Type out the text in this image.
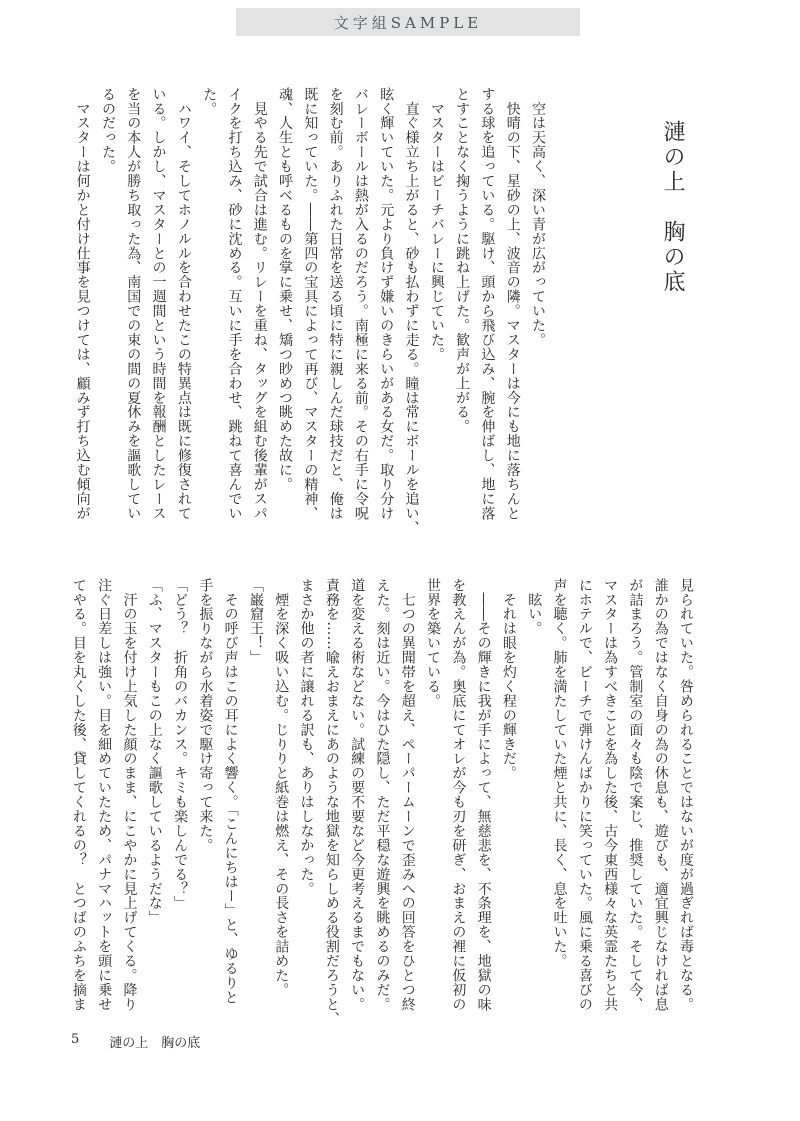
文字組SAMPLE
漣の上　胸の底

　空は天高く、深い青が広がっていた。

　快晴の下、星砂の上、波音の隣。マスターは今にも地に落ちんと

する球を追っている。駆け、頭から飛び込み、腕を伸ばし、地に落

とすことなく掬うように跳ね上げた。歓声が上がる。

　マスターはビーチバレーに興じていた。

　直ぐ様立ち上がると、砂も払わずに走る。瞳は常にボールを追い、

眩く輝いていた。元より負けず嫌いのきらいがある女だ。取り分け

バレーボールは熱が入るのだろう。南極に来る前。その右手に令呪

を刻む前。ありふれた日常を送る頃に特に親しんだ球技だと、俺は

既に知っていた。――第四の宝具によって再び、マスターの精神、

魂、人生とも呼べるものを掌に乗せ、矯つ眇めつ眺めた故に。

　見やる先で試合は進む。リレーを重ね、タッグを組む後輩がスパ

イクを打ち込み、砂に沈める。互いに手を合わせ、跳ねて喜んでい

た。

　ハワイ、そしてホノルルを合わせたこの特異点は既に修復されて

いる。しかし、マスターとの一週間という時間を報酬としたレース

を当の本人が勝ち取った為、南国での束の間の夏休みを謳歌してい

るのだった。

　マスターは何かと付け仕事を見つけては、顧みず打ち込む傾向が

見られていた。咎められることではないが度が過ぎれば毒となる。

誰かの為ではなく自身の為の休息も、遊びも、適宜興じなければ息

が詰まろう。管制室の面々も陰で案じ、推奨していた。そして今、

マスターは為すべきことを為した後、古今東西様々な英霊たちと共

にホテルで、ビーチで弾けんばかりに笑っていた。風に乗る喜びの

声を聴く。肺を満たしていた煙と共に、長く、息を吐いた。

　眩い。

　それは眼を灼く程の輝きだ。

　――その輝きに我が手によって、無慈悲を、不条理を、地獄の味

を教えんが為。奥底にてオレが今も刃を研ぎ、おまえの裡に仮初の

世界を築いている。

　七つの異聞帯を超え、ペーパームーンで歪みへの回答をひとつ終

えた。刻は近い。今はひた隠し、ただ平穏な遊興を眺めるのみだ。

道を変える術などない。試練の要不要など今更考えるまでもない。

責務を……喩えおまえにあのような地獄を知らしめる役割だろうと、

まさか他の者に譲れる訳も、ありはしなかった。

　煙を深く吸い込む。じりりと紙巻は燃え、その長さを詰めた。

「巌窟王！」

　その呼び声はこの耳によく響く。「こんにちはー」と、ゆるりと

手を振りながら水着姿で駆け寄って来た。

「どう？　折角のバカンス。キミも楽しんでる？」

「ふ、マスターもこの上なく謳歌しているようだな」

　汗の玉を付け上気した顔のまま、にこやかに見上げてくる。降り

注ぐ日差しは強い。目を細めていたため、パナマハットを頭に乗せ

てやる。目を丸くした後、貸してくれるの？　とつばのふちを摘ま

5 漣の上　胸の底
